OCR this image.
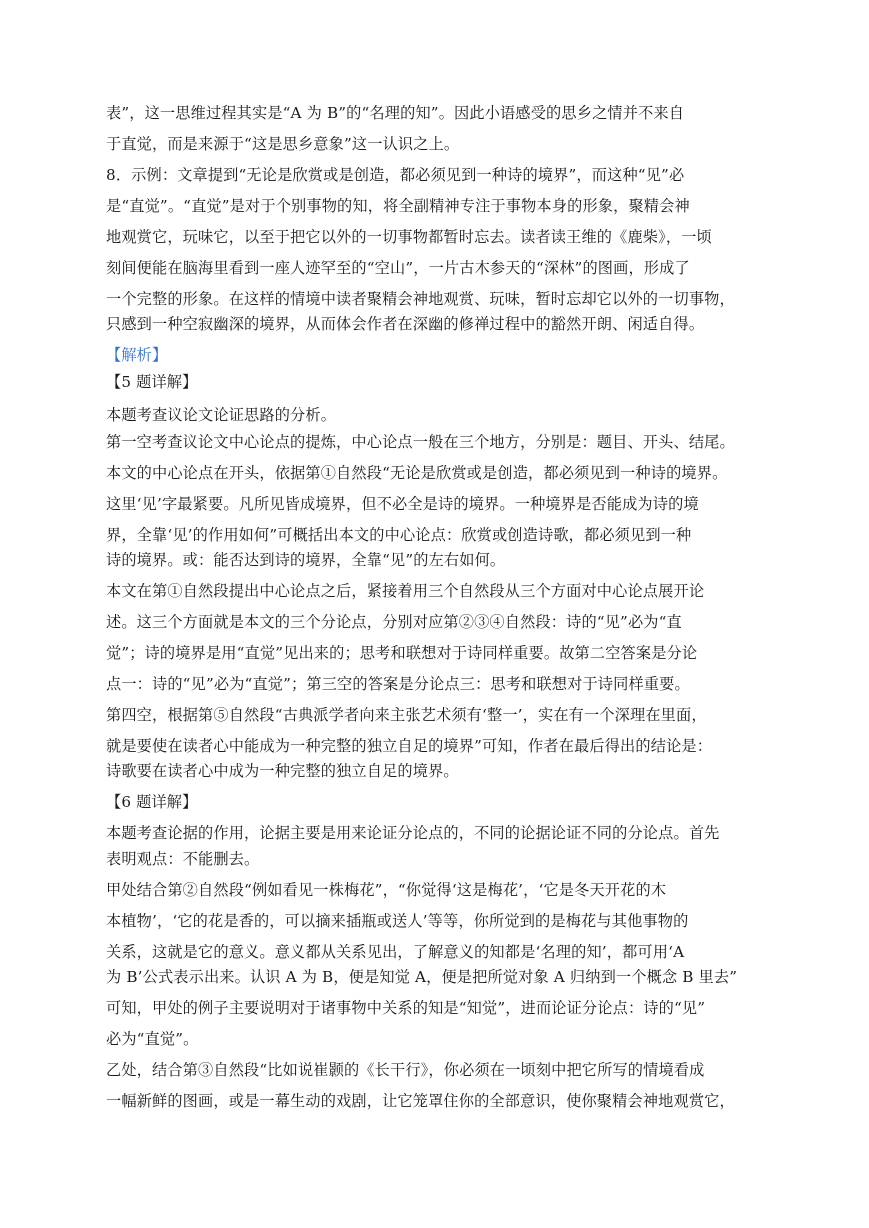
表”，这一思维过程其实是“A 为 B”的“名理的知”。因此小语感受的思乡之情并不来自
于直觉，而是来源于“这是思乡意象”这一认识之上。
8．示例：文章提到“无论是欣赏或是创造，都必须见到一种诗的境界”，而这种“见”必
是“直觉”。“直觉”是对于个别事物的知，将全副精神专注于事物本身的形象，聚精会神
地观赏它，玩味它，以至于把它以外的一切事物都暂时忘去。读者读王维的《鹿柴》，一顷
刻间便能在脑海里看到一座人迹罕至的“空山”，一片古木参天的“深林”的图画，形成了
一个完整的形象。在这样的情境中读者聚精会神地观赏、玩味，暂时忘却它以外的一切事物，
只感到一种空寂幽深的境界，从而体会作者在深幽的修禅过程中的豁然开朗、闲适自得。
【解析】
【5 题详解】
本题考查议论文论证思路的分析。
第一空考查议论文中心论点的提炼，中心论点一般在三个地方，分别是：题目、开头、结尾。
本文的中心论点在开头，依据第①自然段“无论是欣赏或是创造，都必须见到一种诗的境界。
这里‘见’字最紧要。凡所见皆成境界，但不必全是诗的境界。一种境界是否能成为诗的境
界，全靠‘见’的作用如何”可概括出本文的中心论点：欣赏或创造诗歌，都必须见到一种
诗的境界。或：能否达到诗的境界，全靠“见”的左右如何。
本文在第①自然段提出中心论点之后，紧接着用三个自然段从三个方面对中心论点展开论
述。这三个方面就是本文的三个分论点，分别对应第②③④自然段：诗的“见”必为“直
觉”；诗的境界是用“直觉”见出来的；思考和联想对于诗同样重要。故第二空答案是分论
点一：诗的“见”必为“直觉”；第三空的答案是分论点三：思考和联想对于诗同样重要。
第四空，根据第⑤自然段“古典派学者向来主张艺术须有‘整一’，实在有一个深理在里面，
就是要使在读者心中能成为一种完整的独立自足的境界”可知，作者在最后得出的结论是：
诗歌要在读者心中成为一种完整的独立自足的境界。
【6 题详解】
本题考查论据的作用，论据主要是用来论证分论点的，不同的论据论证不同的分论点。首先
表明观点：不能删去。
甲处结合第②自然段“例如看见一株梅花”，“你觉得‘这是梅花’，‘它是冬天开花的木
本植物’，‘它的花是香的，可以摘来插瓶或送人’等等，你所觉到的是梅花与其他事物的
关系，这就是它的意义。意义都从关系见出，了解意义的知都是‘名理的知’，都可用‘A
为 B’公式表示出来。认识 A 为 B，便是知觉 A，便是把所觉对象 A 归纳到一个概念 B 里去”
可知，甲处的例子主要说明对于诸事物中关系的知是“知觉”，进而论证分论点：诗的“见”
必为“直觉”。
乙处，结合第③自然段“比如说崔颢的《长干行》，你必须在一顷刻中把它所写的情境看成
一幅新鲜的图画，或是一幕生动的戏剧，让它笼罩住你的全部意识，使你聚精会神地观赏它，
